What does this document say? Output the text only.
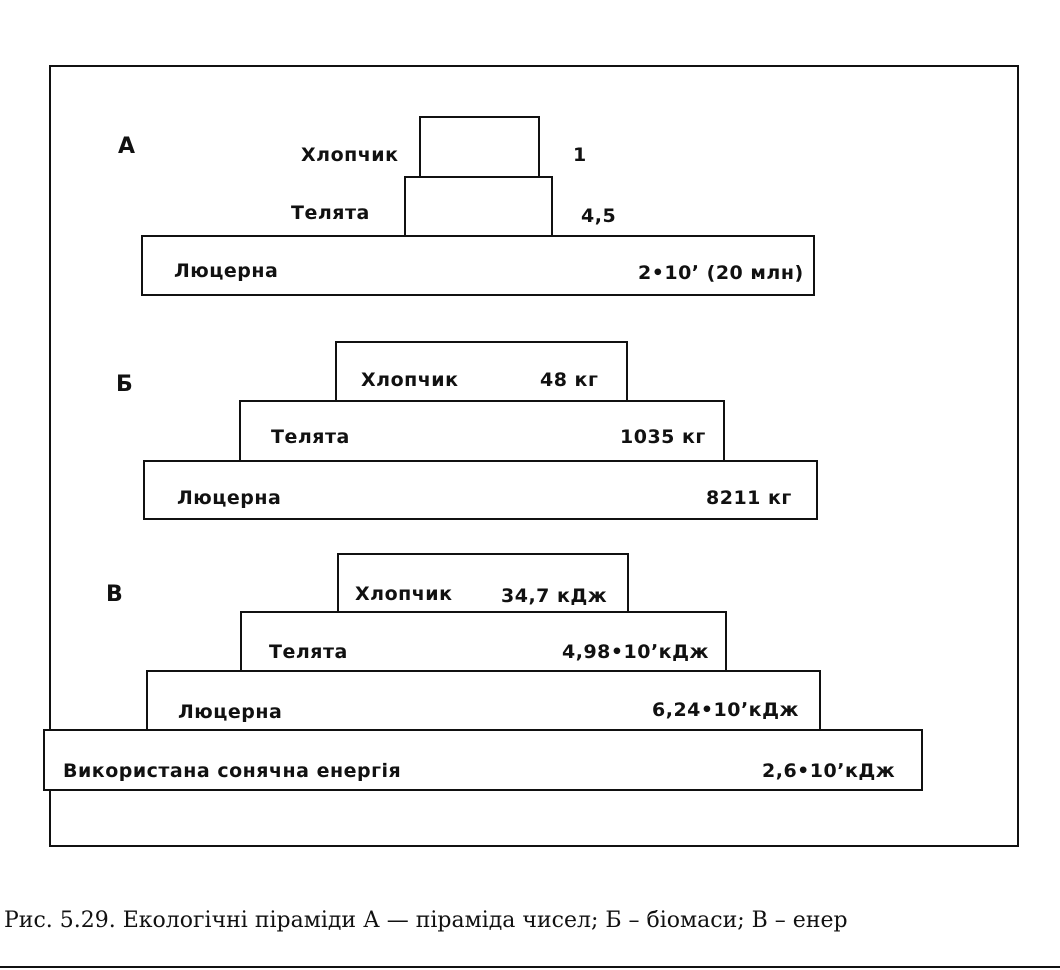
А	Хлопчик	1
Телята	4,5
Люцерна	2•10ʼ (20 млн)
Б	Хлопчик	48 кг
Телята	1035 кг
Люцерна	8211 кг
В	Хлопчик	34,7 кДж
Телята	4,98•10ʼкДж
Люцерна	6,24•10ʼкДж
Використана сонячна енергія	2,6•10ʼкДж
Рис. 5.29. Екологічні піраміди А — піраміда чисел; Б – біомаси; В – енер
